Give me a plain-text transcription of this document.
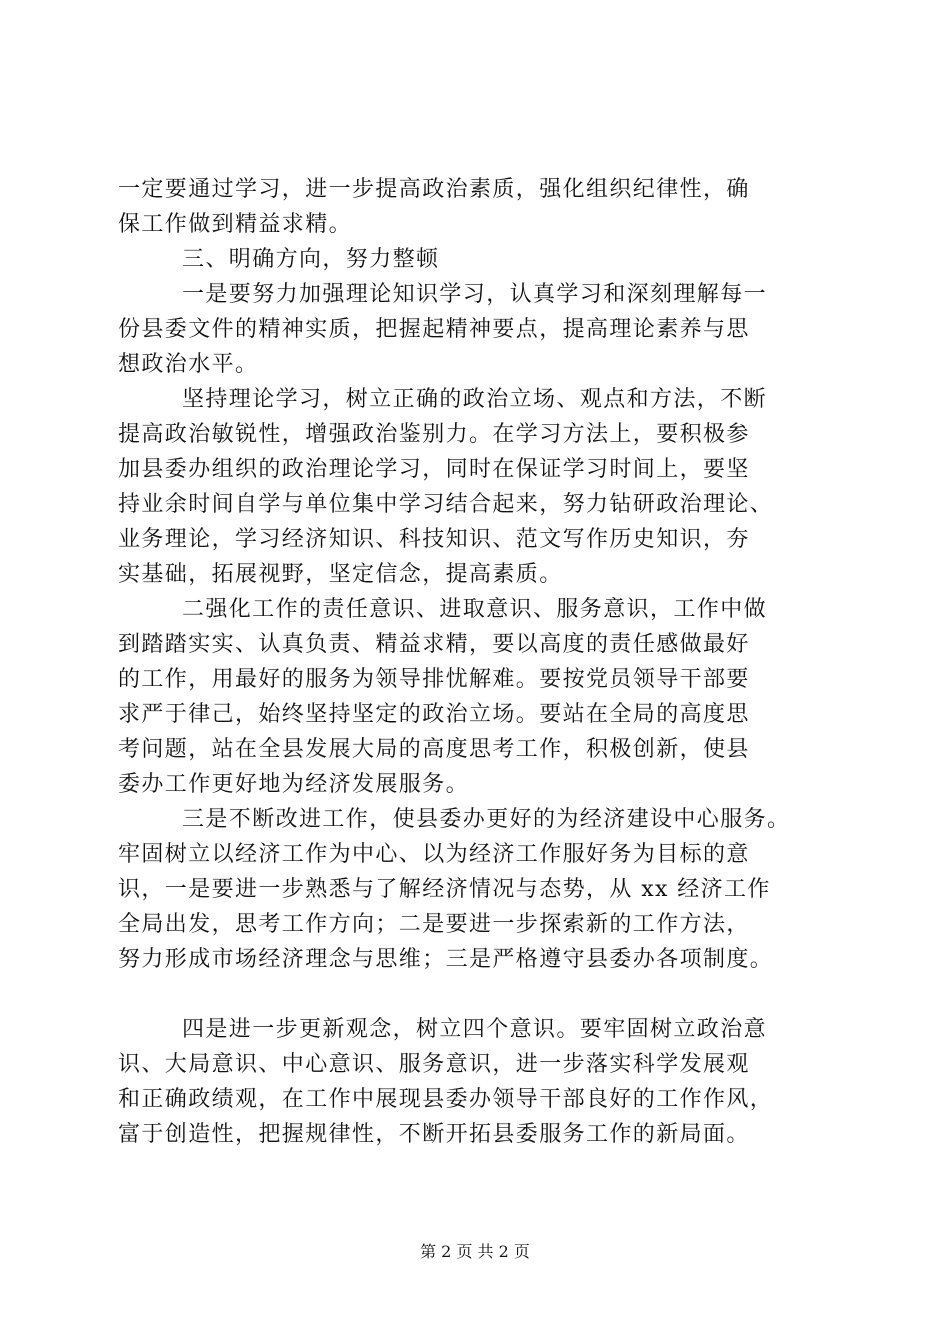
一定要通过学习，进一步提高政治素质，强化组织纪律性，确
保工作做到精益求精。
三、明确方向，努力整顿
一是要努力加强理论知识学习，认真学习和深刻理解每一
份县委文件的精神实质，把握起精神要点，提高理论素养与思
想政治水平。
坚持理论学习，树立正确的政治立场、观点和方法，不断
提高政治敏锐性，增强政治鉴别力。在学习方法上，要积极参
加县委办组织的政治理论学习，同时在保证学习时间上，要坚
持业余时间自学与单位集中学习结合起来，努力钻研政治理论、
业务理论，学习经济知识、科技知识、范文写作历史知识，夯
实基础，拓展视野，坚定信念，提高素质。
二强化工作的责任意识、进取意识、服务意识，工作中做
到踏踏实实、认真负责、精益求精，要以高度的责任感做最好
的工作，用最好的服务为领导排忧解难。要按党员领导干部要
求严于律己，始终坚持坚定的政治立场。要站在全局的高度思
考问题，站在全县发展大局的高度思考工作，积极创新，使县
委办工作更好地为经济发展服务。
三是不断改进工作，使县委办更好的为经济建设中心服务。
牢固树立以经济工作为中心、以为经济工作服好务为目标的意
识，一是要进一步熟悉与了解经济情况与态势，从 xx 经济工作
全局出发，思考工作方向；二是要进一步探索新的工作方法，
努力形成市场经济理念与思维；三是严格遵守县委办各项制度。
四是进一步更新观念，树立四个意识。要牢固树立政治意
识、大局意识、中心意识、服务意识，进一步落实科学发展观
和正确政绩观，在工作中展现县委办领导干部良好的工作作风，
富于创造性，把握规律性，不断开拓县委服务工作的新局面。
第 2 页 共 2 页
